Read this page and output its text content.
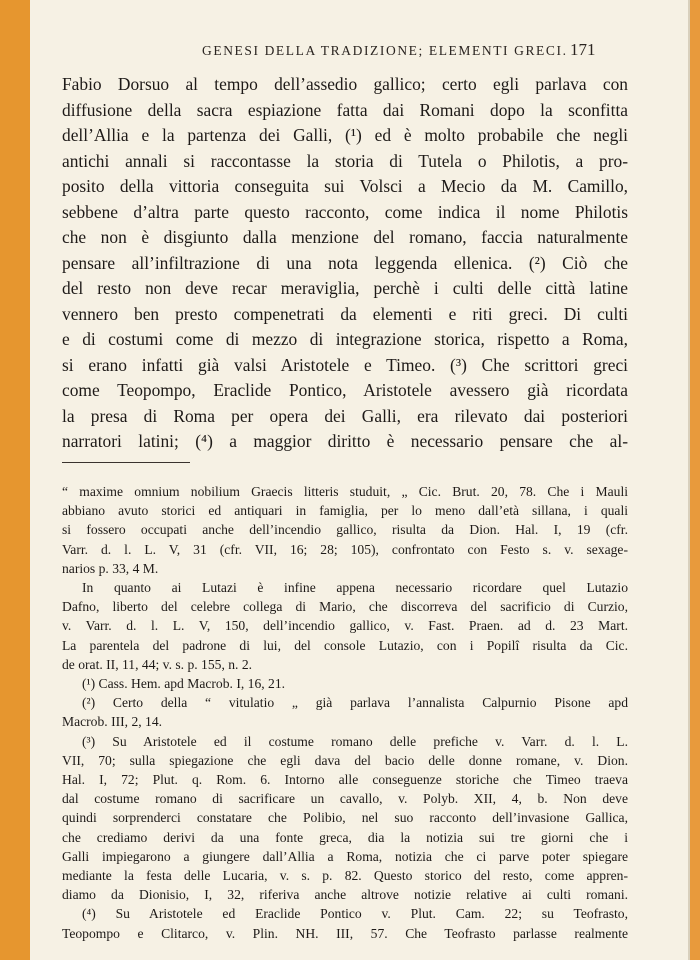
GENESI DELLA TRADIZIONE; ELEMENTI GRECI. 171

Fabio Dorsuo al tempo dell’assedio gallico; certo egli parlava con

diffusione della sacra espiazione fatta dai Romani dopo la sconfitta

dell’Allia e la partenza dei Galli, (¹) ed è molto probabile che negli

antichi annali si raccontasse la storia di Tutela o Philotis, a pro-

posito della vittoria conseguita sui Volsci a Mecio da M. Camillo,

sebbene d’altra parte questo racconto, come indica il nome Philotis

che non è disgiunto dalla menzione del romano, faccia naturalmente

pensare all’infiltrazione di una nota leggenda ellenica. (²) Ciò che

del resto non deve recar meraviglia, perchè i culti delle città latine

vennero ben presto compenetrati da elementi e riti greci. Di culti

e di costumi come di mezzo di integrazione storica, rispetto a Roma,

si erano infatti già valsi Aristotele e Timeo. (³) Che scrittori greci

come Teopompo, Eraclide Pontico, Aristotele avessero già ricordata

la presa di Roma per opera dei Galli, era rilevato dai posteriori

narratori latini; (⁴) a maggior diritto è necessario pensare che al-

“ maxime omnium nobilium Graecis litteris studuit, „ Cic. Brut. 20, 78. Che i Mauli

abbiano avuto storici ed antiquari in famiglia, per lo meno dall’età sillana, i quali

si fossero occupati anche dell’incendio gallico, risulta da Dion. Hal. I, 19 (cfr.

Varr. d. l. L. V, 31 (cfr. VII, 16; 28; 105), confrontato con Festo s. v. sexage-

narios p. 33, 4 M.

In quanto ai Lutazi è infine appena necessario ricordare quel Lutazio

Dafno, liberto del celebre collega di Mario, che discorreva del sacrificio di Curzio,

v. Varr. d. l. L. V, 150, dell’incendio gallico, v. Fast. Praen. ad d. 23 Mart.

La parentela del padrone di lui, del console Lutazio, con i Popilî risulta da Cic.

de orat. II, 11, 44; v. s. p. 155, n. 2.

(¹) Cass. Hem. apd Macrob. I, 16, 21.

(²) Certo della “ vitulatio „ già parlava l’annalista Calpurnio Pisone apd

Macrob. III, 2, 14.

(³) Su Aristotele ed il costume romano delle prefiche v. Varr. d. l. L.

VII, 70; sulla spiegazione che egli dava del bacio delle donne romane, v. Dion.

Hal. I, 72; Plut. q. Rom. 6. Intorno alle conseguenze storiche che Timeo traeva

dal costume romano di sacrificare un cavallo, v. Polyb. XII, 4, b. Non deve

quindi sorprenderci constatare che Polibio, nel suo racconto dell’invasione Gallica,

che crediamo derivi da una fonte greca, dia la notizia sui tre giorni che i

Galli impiegarono a giungere dall’Allia a Roma, notizia che ci parve poter spiegare

mediante la festa delle Lucaria, v. s. p. 82. Questo storico del resto, come appren-

diamo da Dionisio, I, 32, riferiva anche altrove notizie relative ai culti romani.

(⁴) Su Aristotele ed Eraclide Pontico v. Plut. Cam. 22; su Teofrasto,

Teopompo e Clitarco, v. Plin. NH. III, 57. Che Teofrasto parlasse realmente
